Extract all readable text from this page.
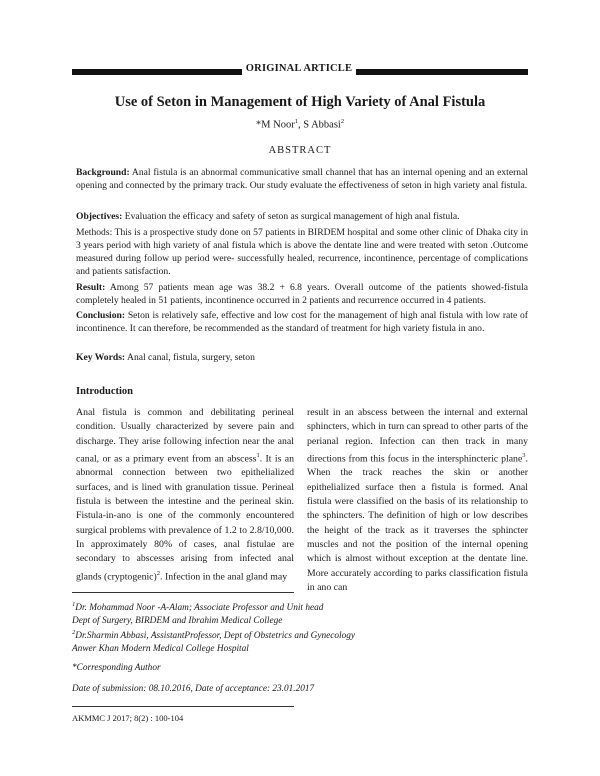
ORIGINAL ARTICLE
Use of Seton in Management of High Variety of Anal Fistula
*M Noor$^1$, S Abbasi$^2$
ABSTRACT
Background: Anal fistula is an abnormal communicative small channel that has an internal opening and an external opening and connected by the primary track. Our study evaluate the effectiveness of seton in high variety anal fistula.
Objectives: Evaluation the efficacy and safety of seton as surgical management of high anal fistula.
Methods: This is a prospective study done on 57 patients in BIRDEM hospital and some other clinic of Dhaka city in 3 years period with high variety of anal fistula which is above the dentate line and were treated with seton .Outcome measured during follow up period were- successfully healed, recurrence, incontinence, percentage of complications and patients satisfaction.
Result: Among 57 patients mean age was 38.2 + 6.8 years. Overall outcome of the patients showed-fistula completely healed in 51 patients, incontinence occurred in 2 patients and recurrence occurred in 4 patients.
Conclusion: Seton is relatively safe, effective and low cost for the management of high anal fistula with low rate of incontinence. It can therefore, be recommended as the standard of treatment for high variety fistula in ano.
Key Words: Anal canal, fistula, surgery, seton
Introduction
Anal fistula is common and debilitating perineal condition. Usually characterized by severe pain and discharge. They arise following infection near the anal canal, or as a primary event from an abscess$^1$. It is an abnormal connection between two epithelialized surfaces, and is lined with granulation tissue. Perineal fistula is between the intestine and the perineal skin. Fistula-in-ano is one of the commonly encountered surgical problems with prevalence of 1.2 to 2.8/10,000. In approximately 80% of cases, anal fistulae are secondary to abscesses arising from infected anal glands (cryptogenic)$^2$. Infection in the anal gland may
result in an abscess between the internal and external sphincters, which in turn can spread to other parts of the perianal region. Infection can then track in many directions from this focus in the intersphincteric plane$^3$. When the track reaches the skin or another epithelialized surface then a fistula is formed. Anal fistula were classified on the basis of its relationship to the sphincters. The definition of high or low describes the height of the track as it traverses the sphincter muscles and not the position of the internal opening which is almost without exception at the dentate line. More accurately according to parks classification fistula in ano can
$^1$Dr. Mohammad Noor -A-Alam; Associate Professor and Unit head
Dept of Surgery, BIRDEM and Ibrahim Medical College
$^2$Dr.Sharmin Abbasi, AssistantProfessor, Dept of Obstetrics and Gynecology
Anwer Khan Modern Medical College Hospital
*Corresponding Author
Date of submission: 08.10.2016, Date of acceptance: 23.01.2017
AKMMC J 2017; 8(2) : 100-104
